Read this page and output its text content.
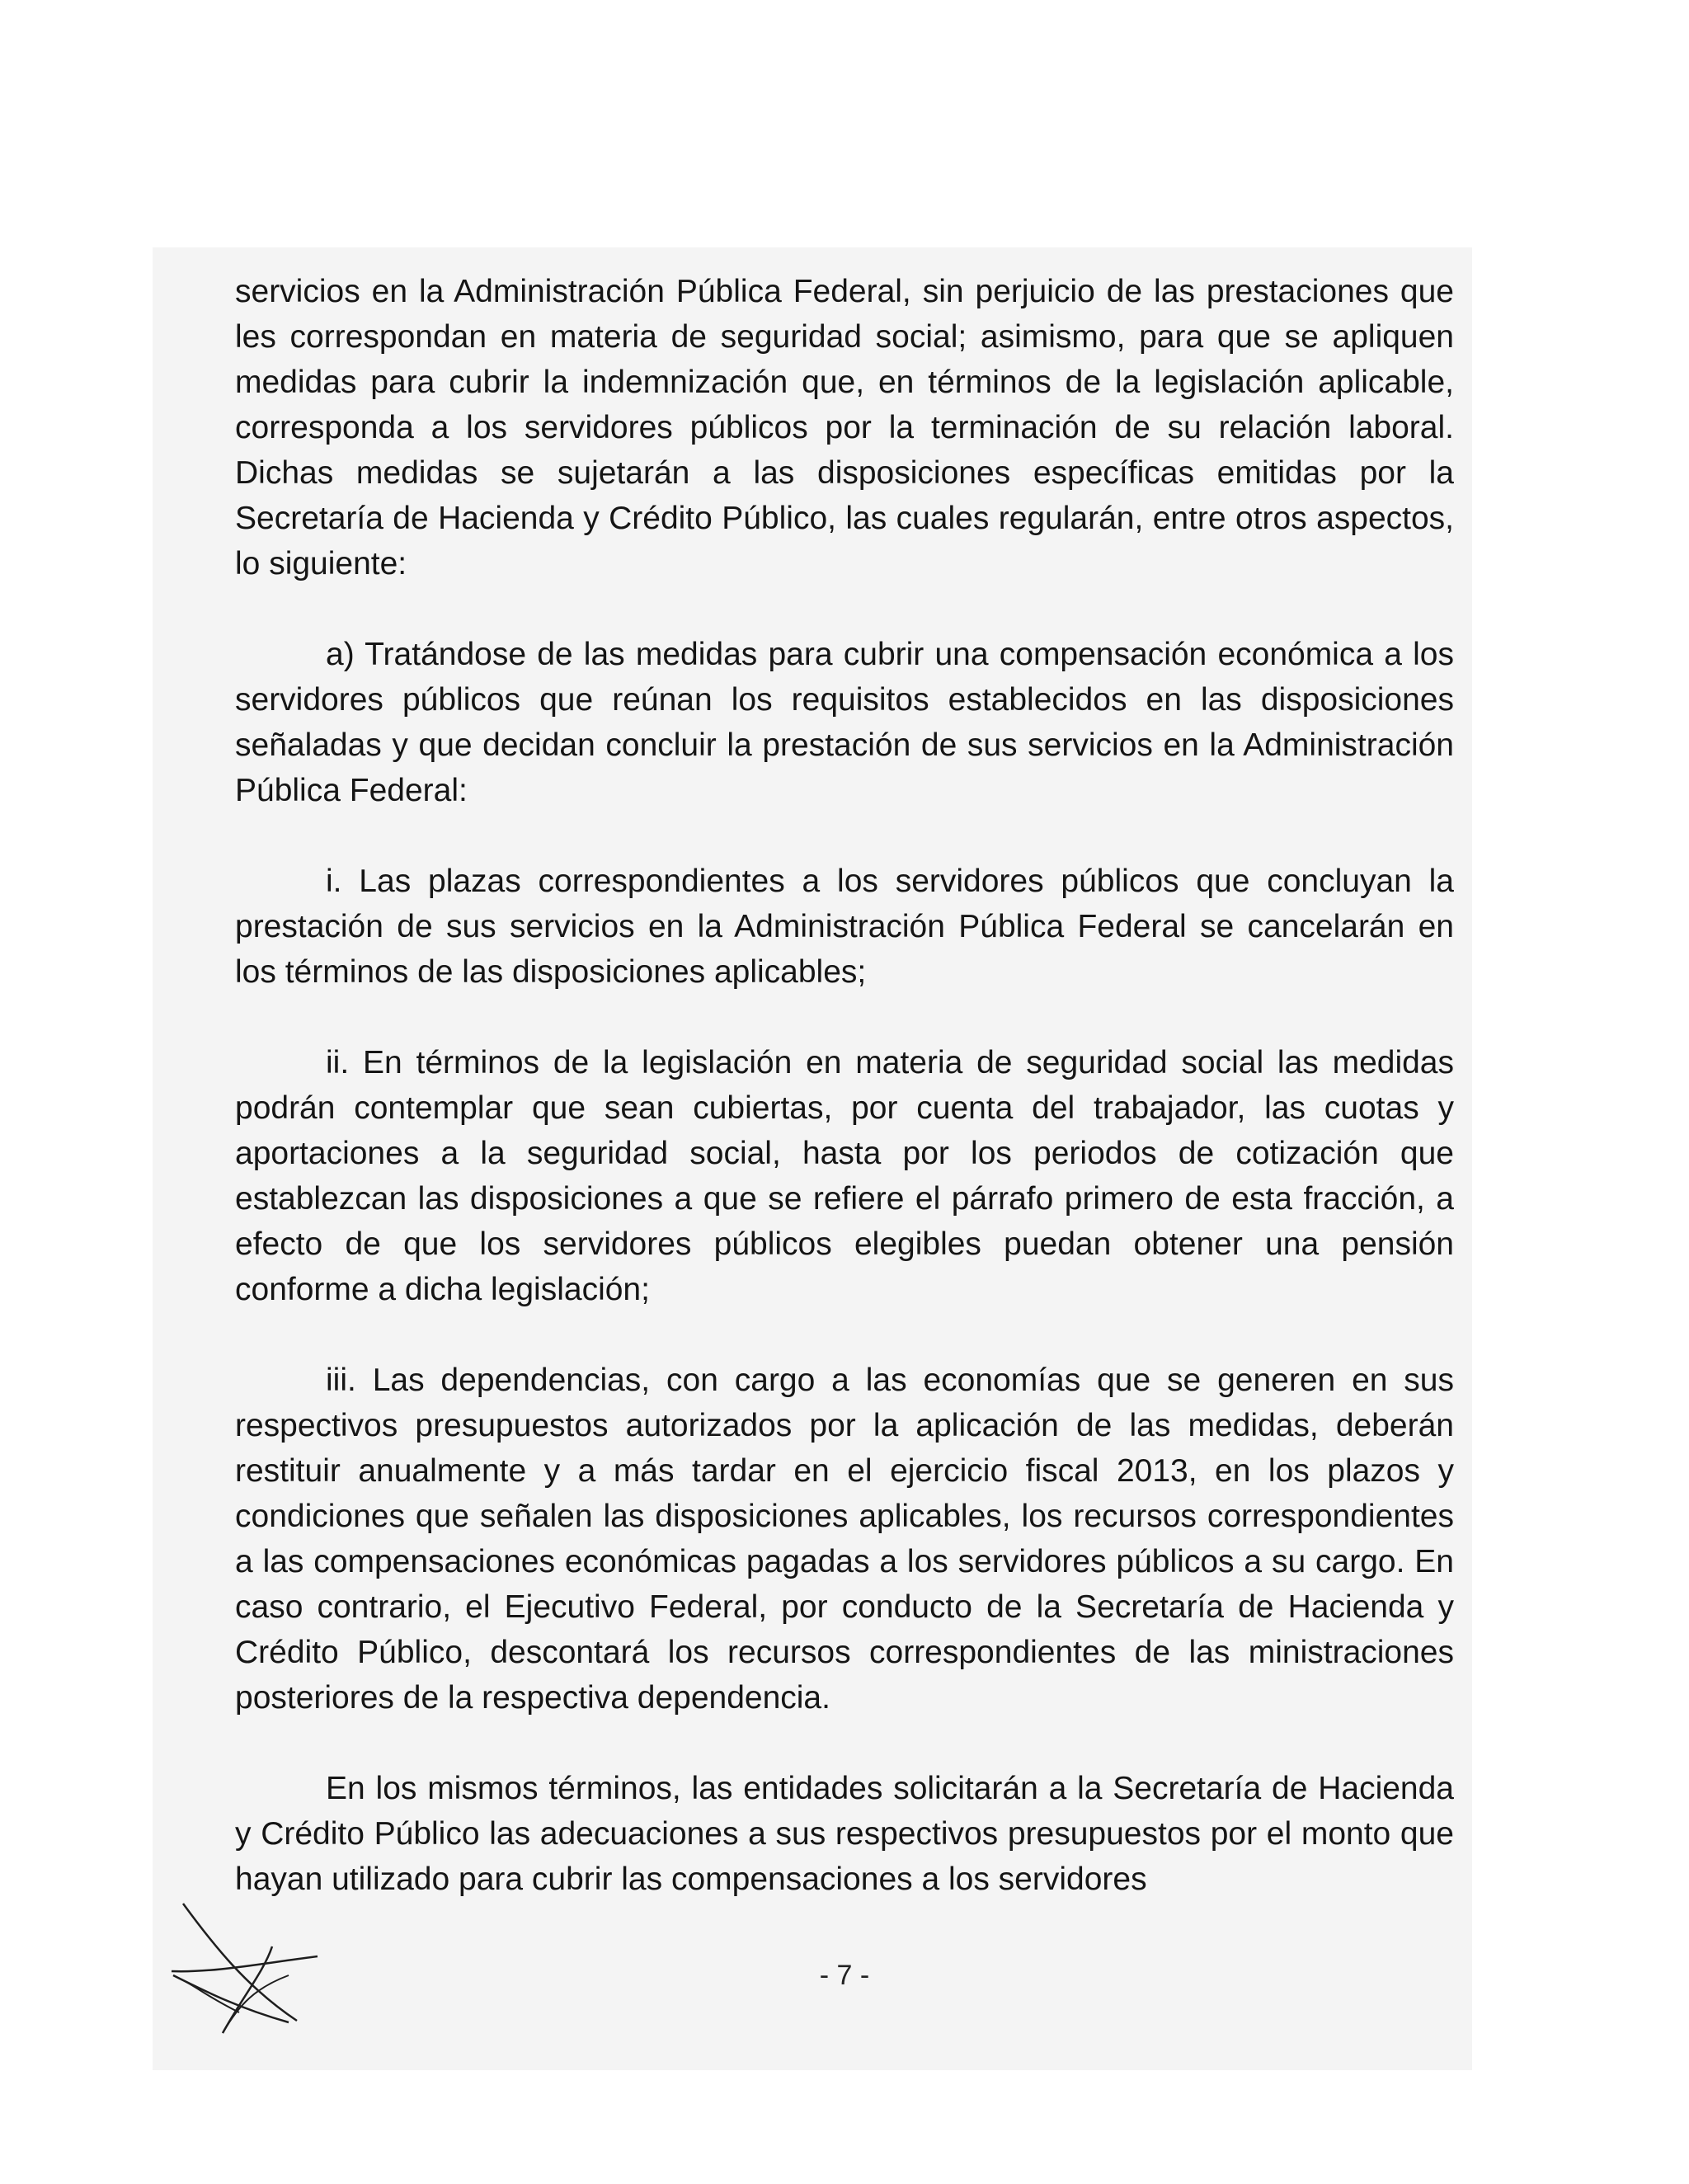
servicios en la Administración Pública Federal, sin perjuicio de las prestaciones que les correspondan en materia de seguridad social; asimismo, para que se apliquen medidas para cubrir la indemnización que, en términos de la legislación aplicable, corresponda a los servidores públicos por la terminación de su relación laboral. Dichas medidas se sujetarán a las disposiciones específicas emitidas por la Secretaría de Hacienda y Crédito Público, las cuales regularán, entre otros aspectos, lo siguiente:

a) Tratándose de las medidas para cubrir una compensación económica a los servidores públicos que reúnan los requisitos establecidos en las disposiciones señaladas y que decidan concluir la prestación de sus servicios en la Administración Pública Federal:

i. Las plazas correspondientes a los servidores públicos que concluyan la prestación de sus servicios en la Administración Pública Federal se cancelarán en los términos de las disposiciones aplicables;

ii. En términos de la legislación en materia de seguridad social las medidas podrán contemplar que sean cubiertas, por cuenta del trabajador, las cuotas y aportaciones a la seguridad social, hasta por los periodos de cotización que establezcan las disposiciones a que se refiere el párrafo primero de esta fracción, a efecto de que los servidores públicos elegibles puedan obtener una pensión conforme a dicha legislación;

iii. Las dependencias, con cargo a las economías que se generen en sus respectivos presupuestos autorizados por la aplicación de las medidas, deberán restituir anualmente y a más tardar en el ejercicio fiscal 2013, en los plazos y condiciones que señalen las disposiciones aplicables, los recursos correspondientes a las compensaciones económicas pagadas a los servidores públicos a su cargo. En caso contrario, el Ejecutivo Federal, por conducto de la Secretaría de Hacienda y Crédito Público, descontará los recursos correspondientes de las ministraciones posteriores de la respectiva dependencia.

En los mismos términos, las entidades solicitarán a la Secretaría de Hacienda y Crédito Público las adecuaciones a sus respectivos presupuestos por el monto que hayan utilizado para cubrir las compensaciones a los servidores

- 7 -
